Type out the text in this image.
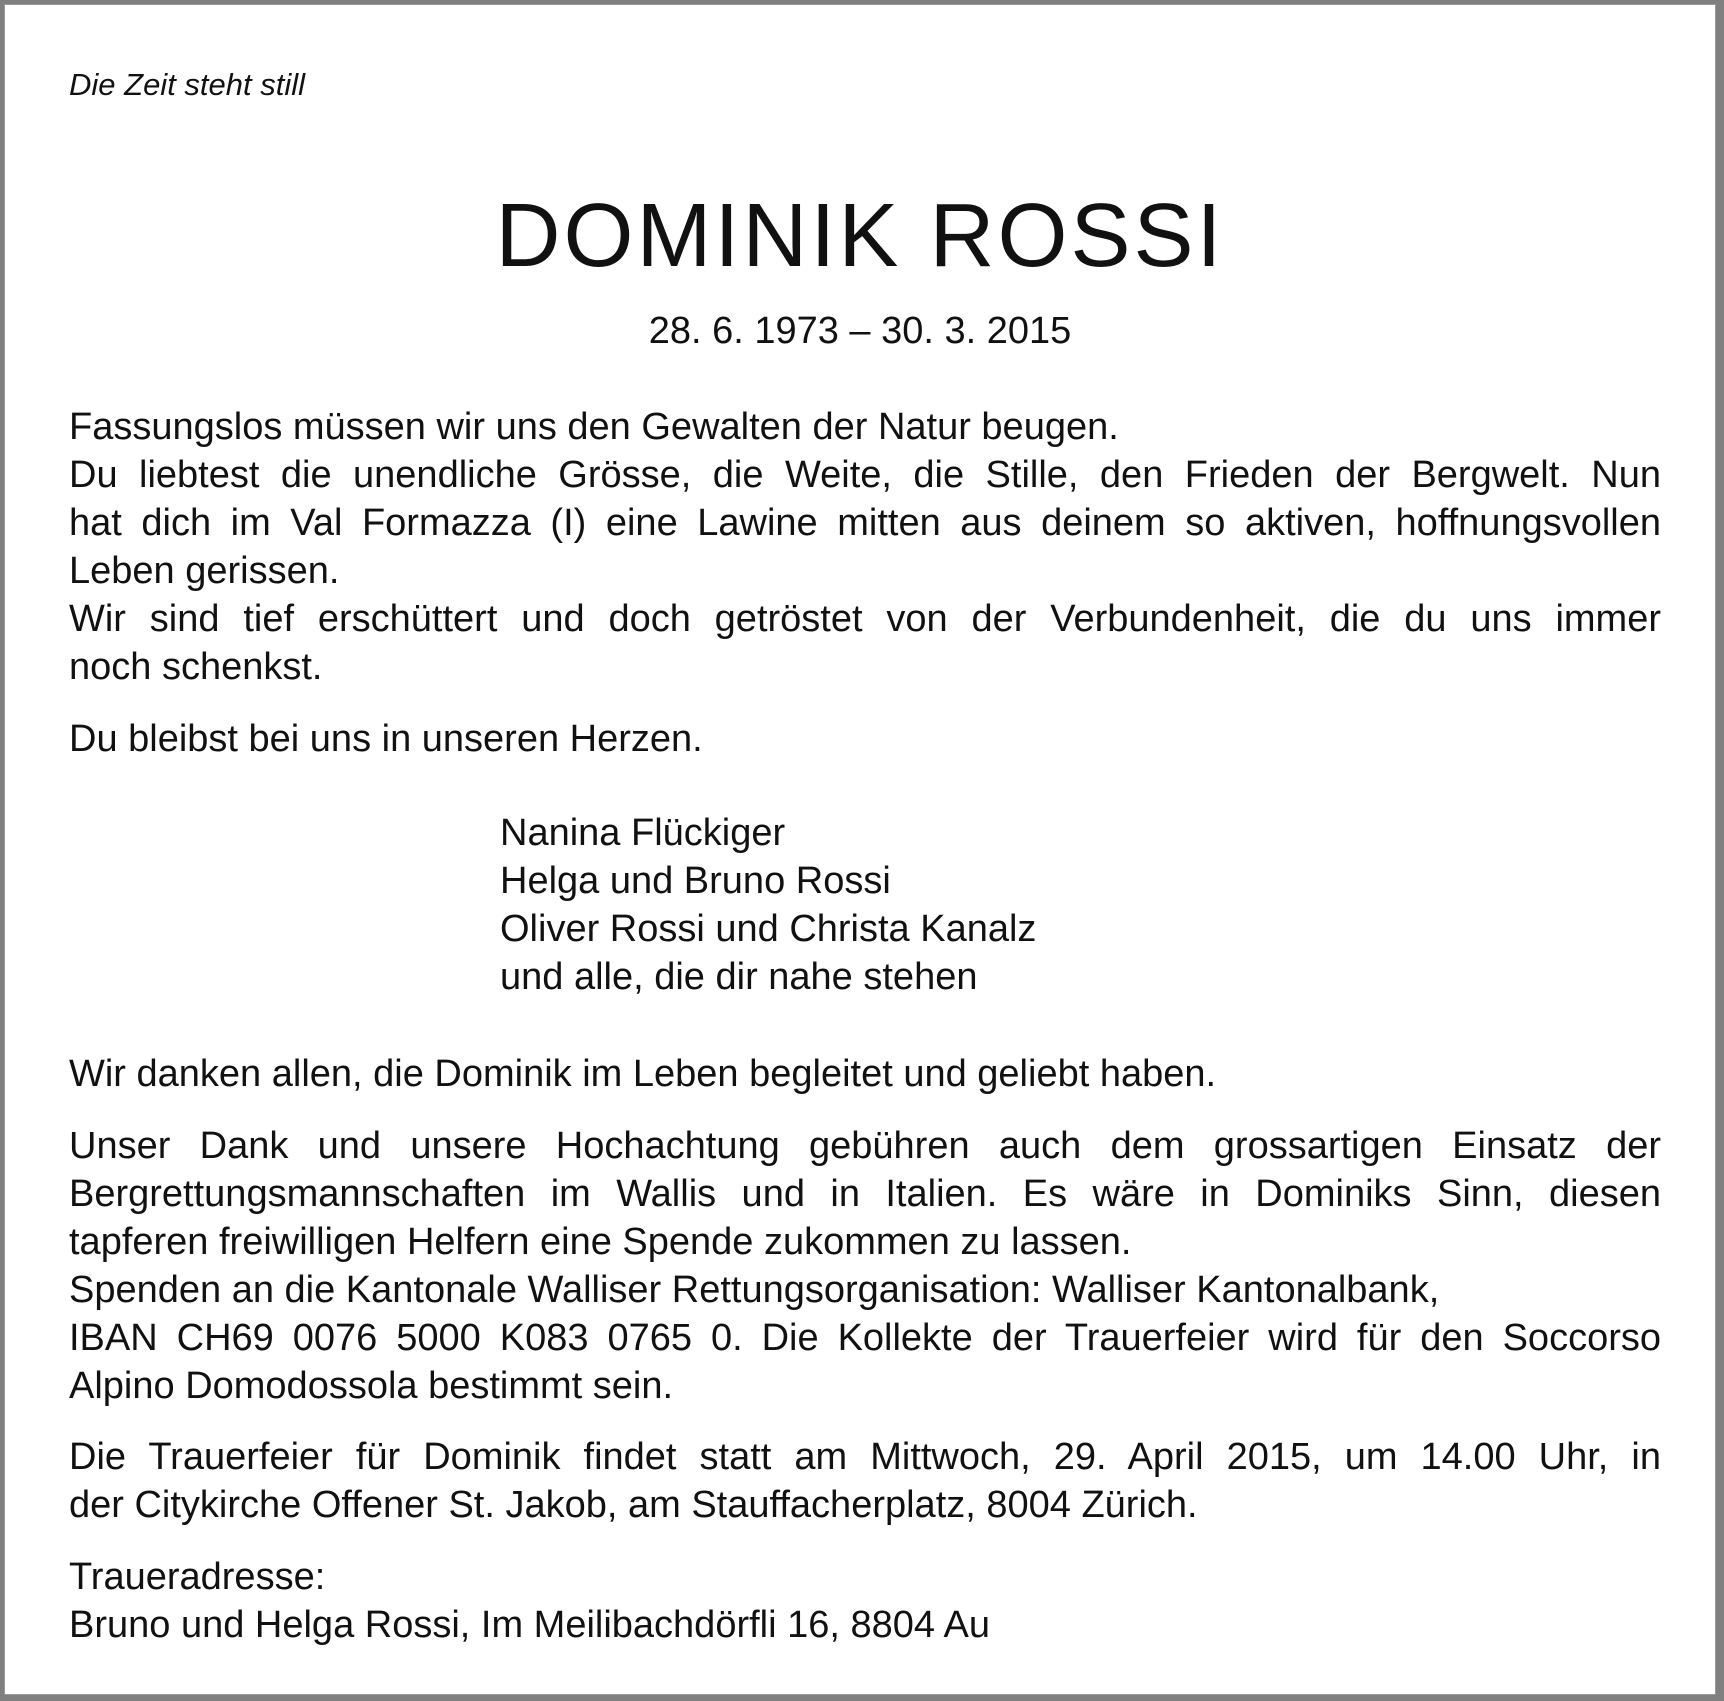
Die Zeit steht still

DOMINIK ROSSI

28. 6. 1973 – 30. 3. 2015

Fassungslos müssen wir uns den Gewalten der Natur beugen.
Du liebtest die unendliche Grösse, die Weite, die Stille, den Frieden der Bergwelt. Nun
hat dich im Val Formazza (I) eine Lawine mitten aus deinem so aktiven, hoffnungsvollen
Leben gerissen.
Wir sind tief erschüttert und doch getröstet von der Verbundenheit, die du uns immer
noch schenkst.

Du bleibst bei uns in unseren Herzen.

Nanina Flückiger
Helga und Bruno Rossi
Oliver Rossi und Christa Kanalz
und alle, die dir nahe stehen

Wir danken allen, die Dominik im Leben begleitet und geliebt haben.

Unser Dank und unsere Hochachtung gebühren auch dem grossartigen Einsatz der
Bergrettungsmannschaften im Wallis und in Italien. Es wäre in Dominiks Sinn, diesen
tapferen freiwilligen Helfern eine Spende zukommen zu lassen.
Spenden an die Kantonale Walliser Rettungsorganisation: Walliser Kantonalbank,
IBAN CH69 0076 5000 K083 0765 0. Die Kollekte der Trauerfeier wird für den Soccorso
Alpino Domodossola bestimmt sein.

Die Trauerfeier für Dominik findet statt am Mittwoch, 29. April 2015, um 14.00 Uhr, in
der Citykirche Offener St. Jakob, am Stauffacherplatz, 8004 Zürich.

Traueradresse:
Bruno und Helga Rossi, Im Meilibachdörfli 16, 8804 Au
